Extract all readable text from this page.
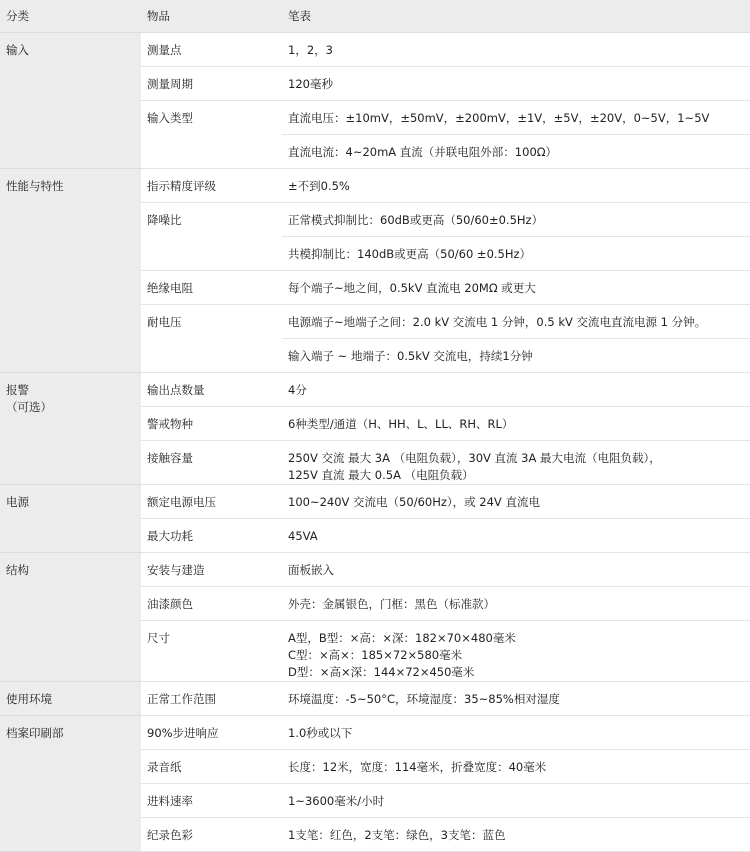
分类	物品	笔表
输入	测量点	1，2，3
	测量周期	120毫秒
	输入类型	直流电压：±10mV，±50mV，±200mV，±1V，±5V，±20V，0~5V，1~5V
		直流电流：4~20mA 直流（并联电阻外部：100Ω）
性能与特性	指示精度评级	±不到0.5%
	降噪比	正常模式抑制比：60dB或更高（50/60±0.5Hz）
		共模抑制比：140dB或更高（50/60 ±0.5Hz）
	绝缘电阻	每个端子~地之间，0.5kV 直流电 20MΩ 或更大
	耐电压	电源端子~地端子之间：2.0 kV 交流电 1 分钟，0.5 kV 交流电直流电源 1 分钟。
		输入端子 ~ 地端子：0.5kV 交流电，持续1分钟
报警
（可选）	输出点数量	4分
	警戒物种	6种类型/通道（H、HH、L、LL、RH、RL）
	接触容量	250V 交流 最大 3A （电阻负载），30V 直流 3A 最大电流（电阻负载），
125V 直流 最大 0.5A （电阻负载）
电源	额定电源电压	100~240V 交流电（50/60Hz），或 24V 直流电
	最大功耗	45VA
结构	安装与建造	面板嵌入
	油漆颜色	外壳：金属银色，门框：黑色（标准款）
	尺寸	A型，B型：×高：×深：182×70×480毫米
C型：×高×：185×72×580毫米
D型：×高×深：144×72×450毫米
使用环境	正常工作范围	环境温度：-5~50°C，环境湿度：35~85%相对湿度
档案印刷部	90%步进响应	1.0秒或以下
	录音纸	长度：12米，宽度：114毫米，折叠宽度：40毫米
	进料速率	1~3600毫米/小时
	纪录色彩	1支笔：红色，2支笔：绿色，3支笔：蓝色
